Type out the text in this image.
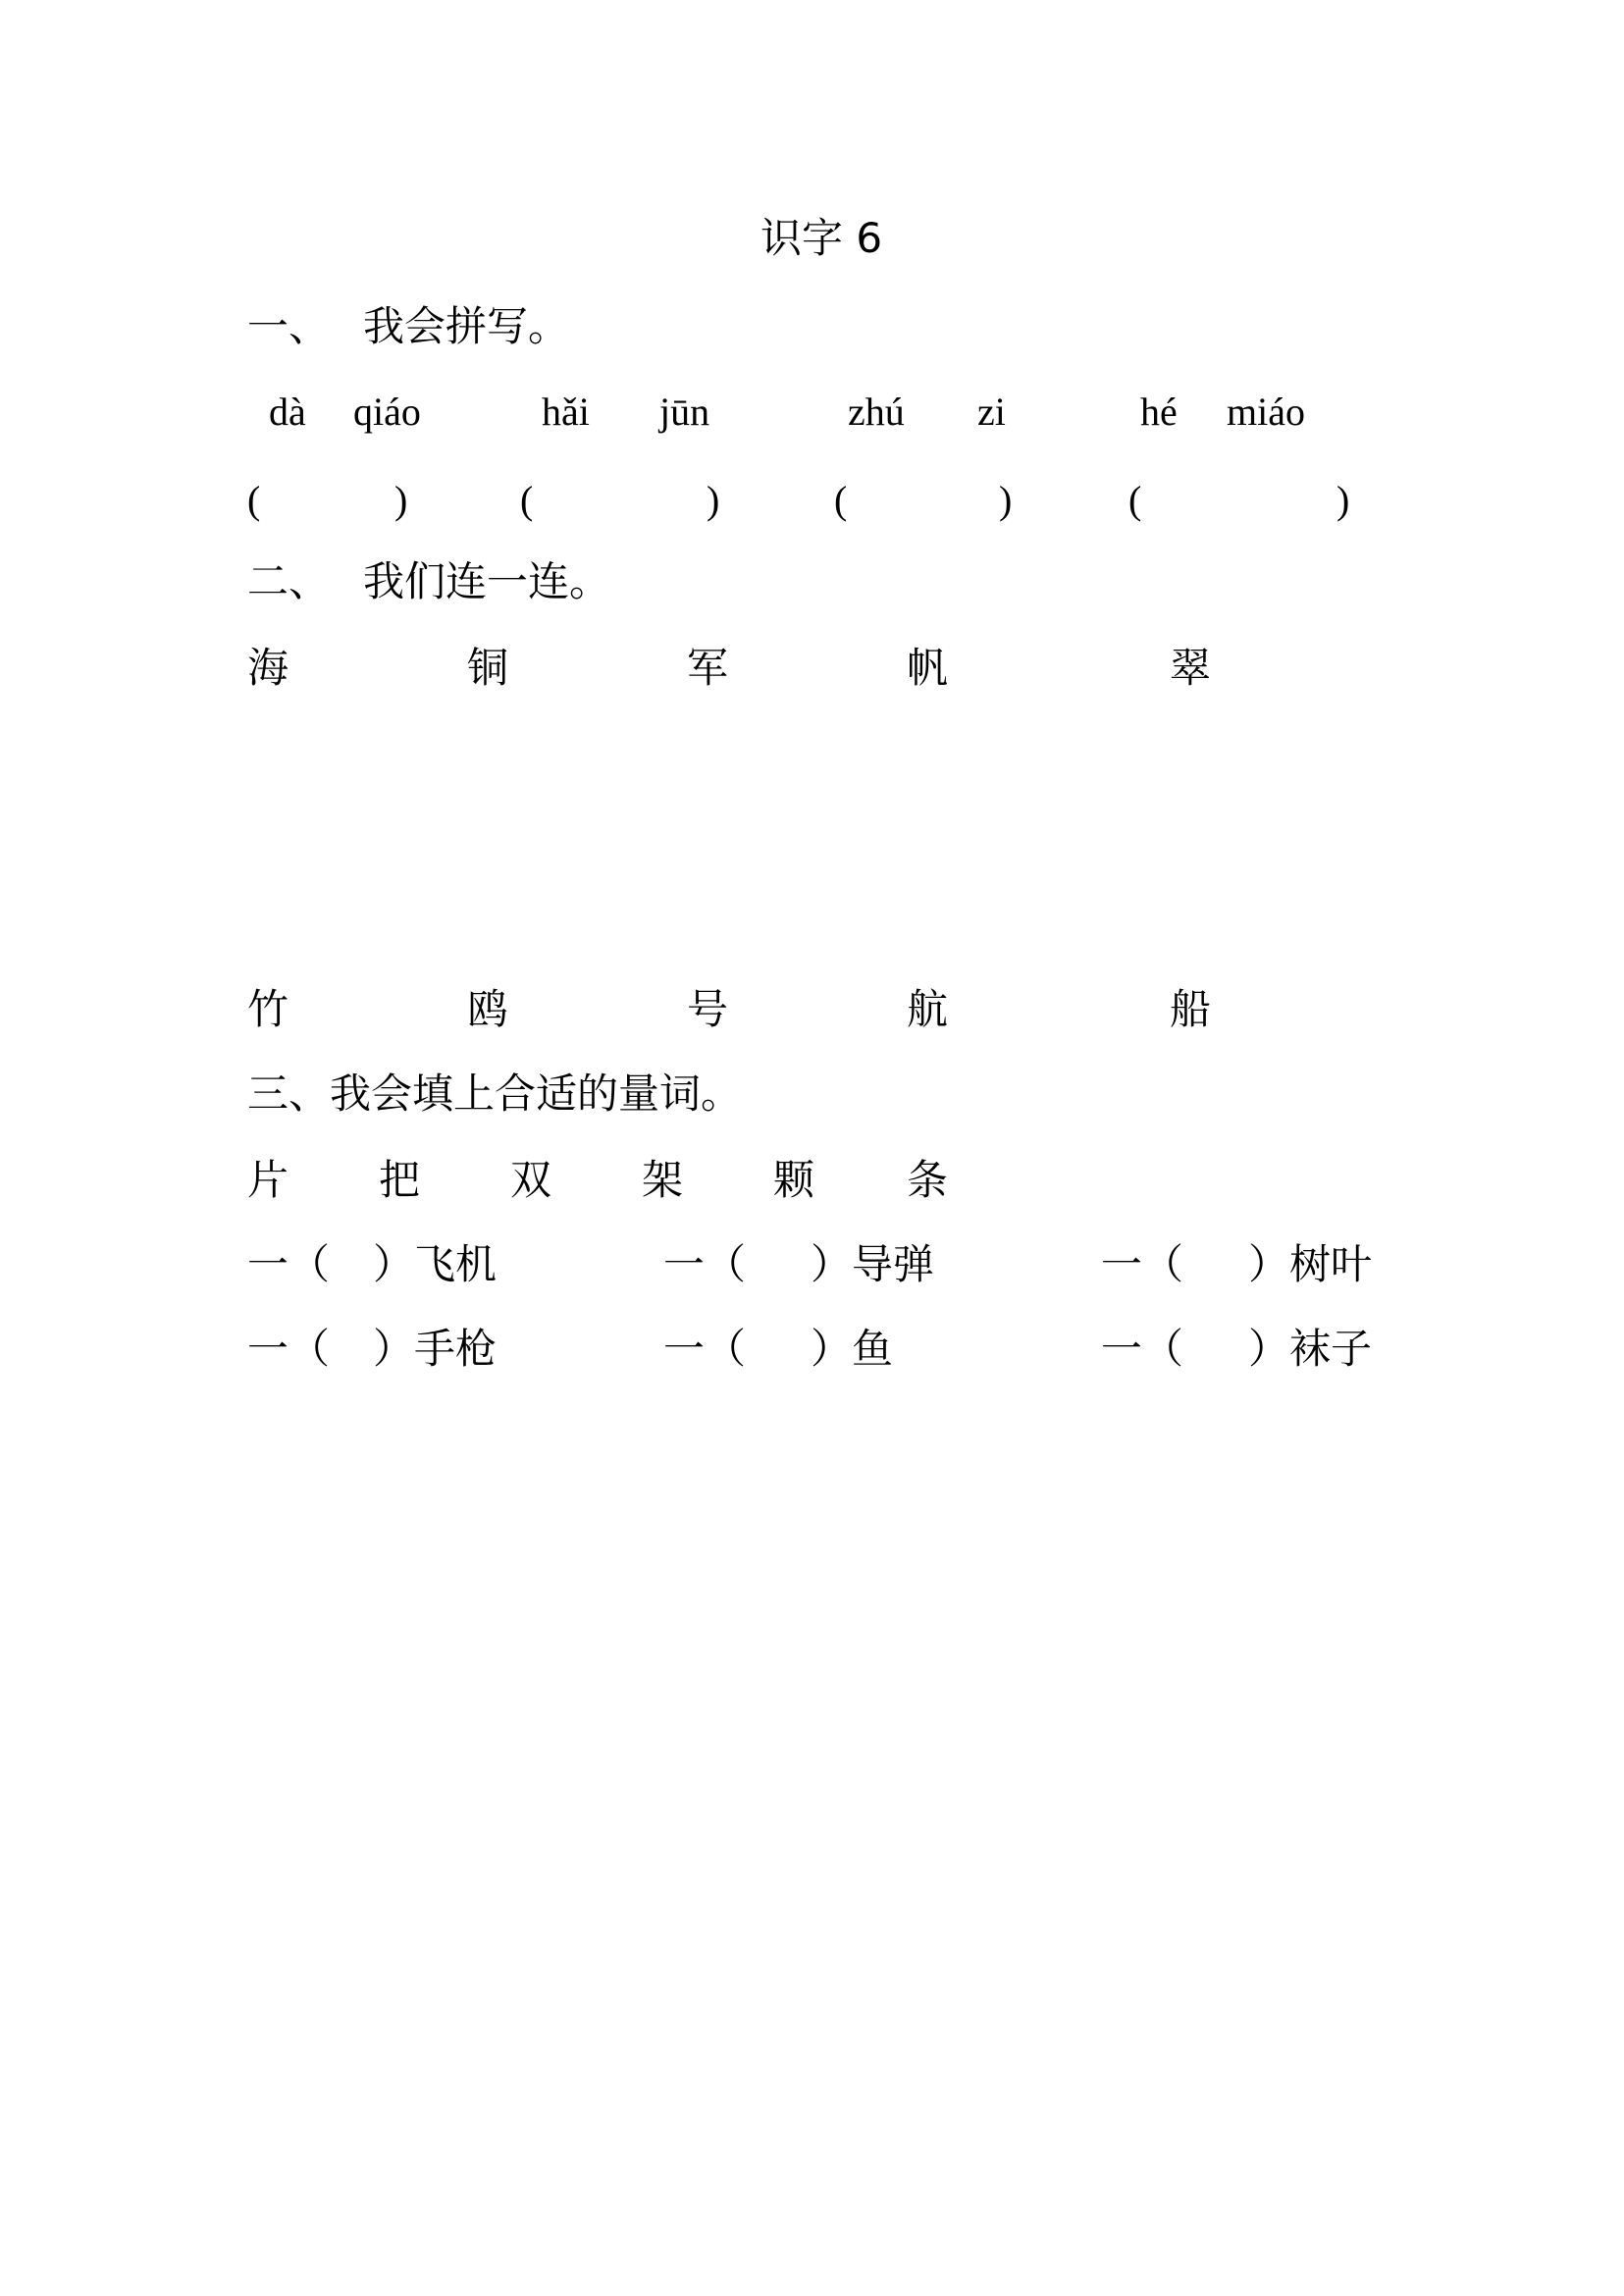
识字 6
一、 我会拼写。
dà qiáo	hǎi jūn	zhú zi	hé miáo
(	)	(	)	(	)	(	)
二、 我们连一连。
海	铜	军	帆	翠
竹	鸥	号	航	船
三、我会填上合适的量词。
片 把 双 架 颗 条
一（ ）飞机	一（ ）导弹	一（ ）树叶
一（ ）手枪	一（ ）鱼	一（ ）袜子
